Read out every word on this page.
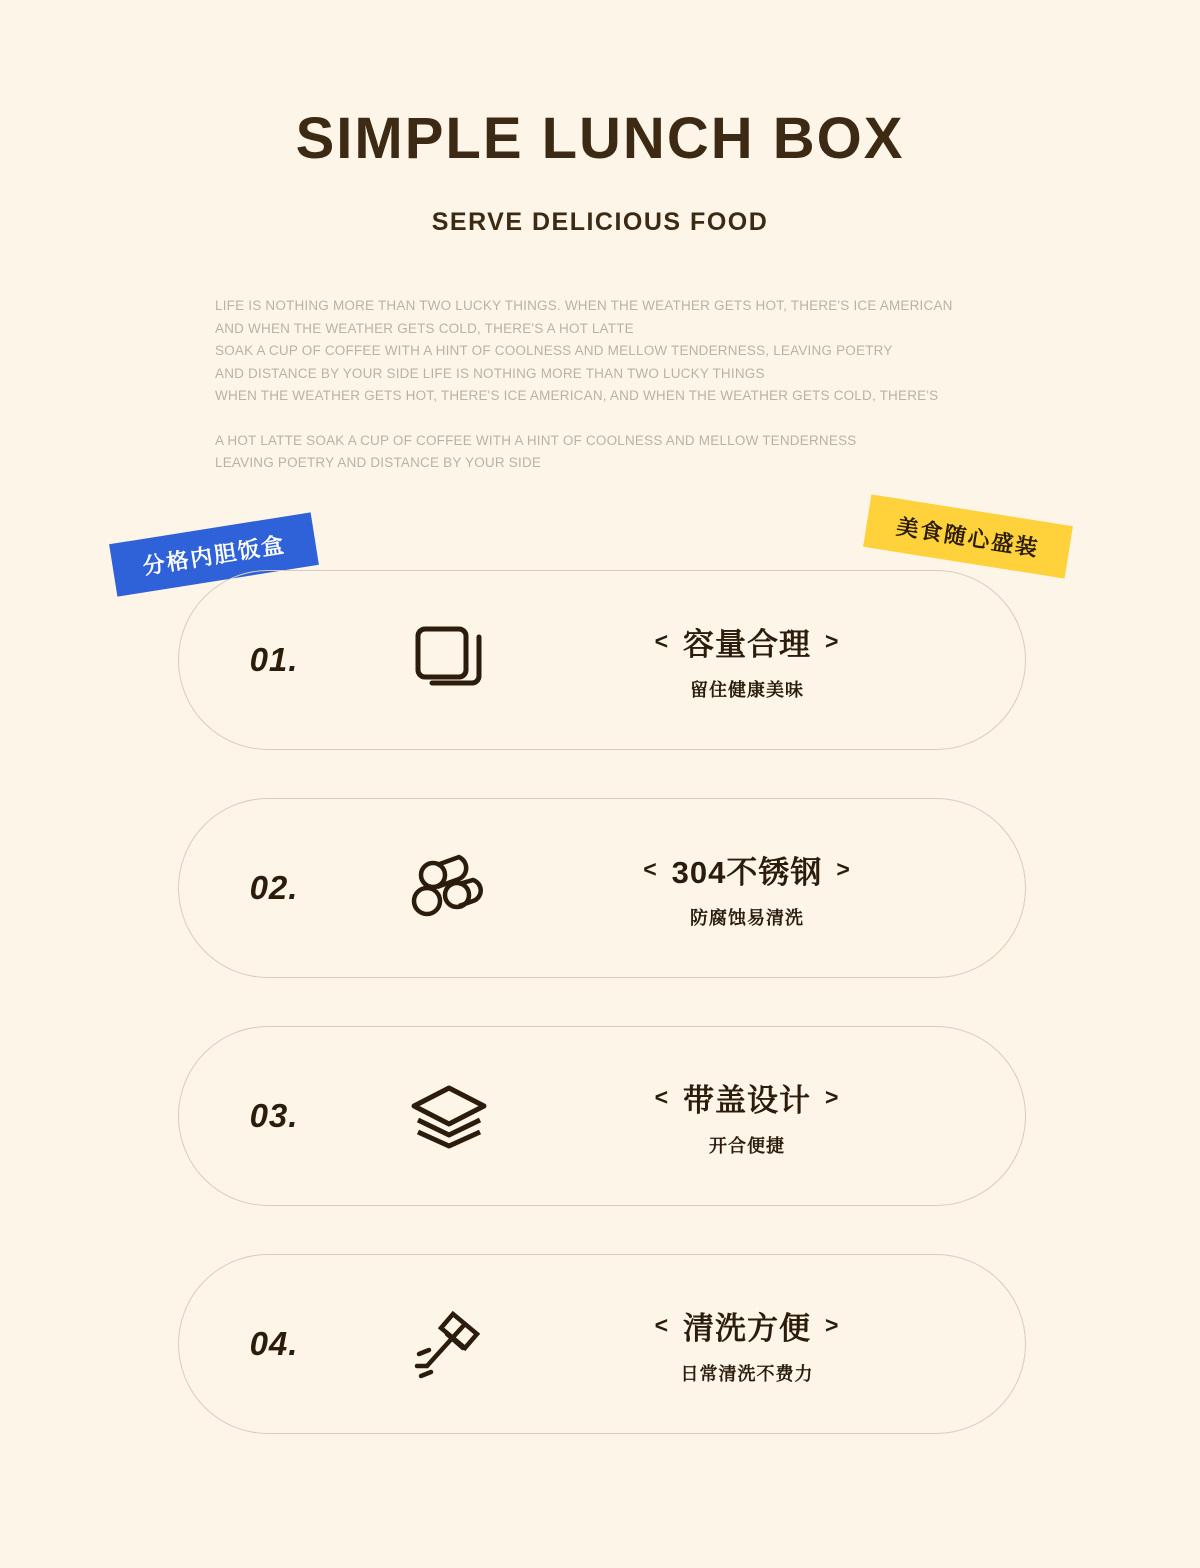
SIMPLE LUNCH BOX
SERVE DELICIOUS FOOD

LIFE IS NOTHING MORE THAN TWO LUCKY THINGS. WHEN THE WEATHER GETS HOT, THERE'S ICE AMERICAN

AND WHEN THE WEATHER GETS COLD, THERE'S A HOT LATTE

SOAK A CUP OF COFFEE WITH A HINT OF COOLNESS AND MELLOW TENDERNESS, LEAVING POETRY

AND DISTANCE BY YOUR SIDE LIFE IS NOTHING MORE THAN TWO LUCKY THINGS

WHEN THE WEATHER GETS HOT, THERE'S ICE AMERICAN, AND WHEN THE WEATHER GETS COLD, THERE'S

A HOT LATTE SOAK A CUP OF COFFEE WITH A HINT OF COOLNESS AND MELLOW TENDERNESS

LEAVING POETRY AND DISTANCE BY YOUR SIDE

分格内胆饭盒	美食随心盛装
01.
< 容量合理 >
留住健康美味
02.
< 304不锈钢 >
防腐蚀易清洗
03.
< 带盖设计 >
开合便捷
04.
< 清洗方便 >
日常清洗不费力
